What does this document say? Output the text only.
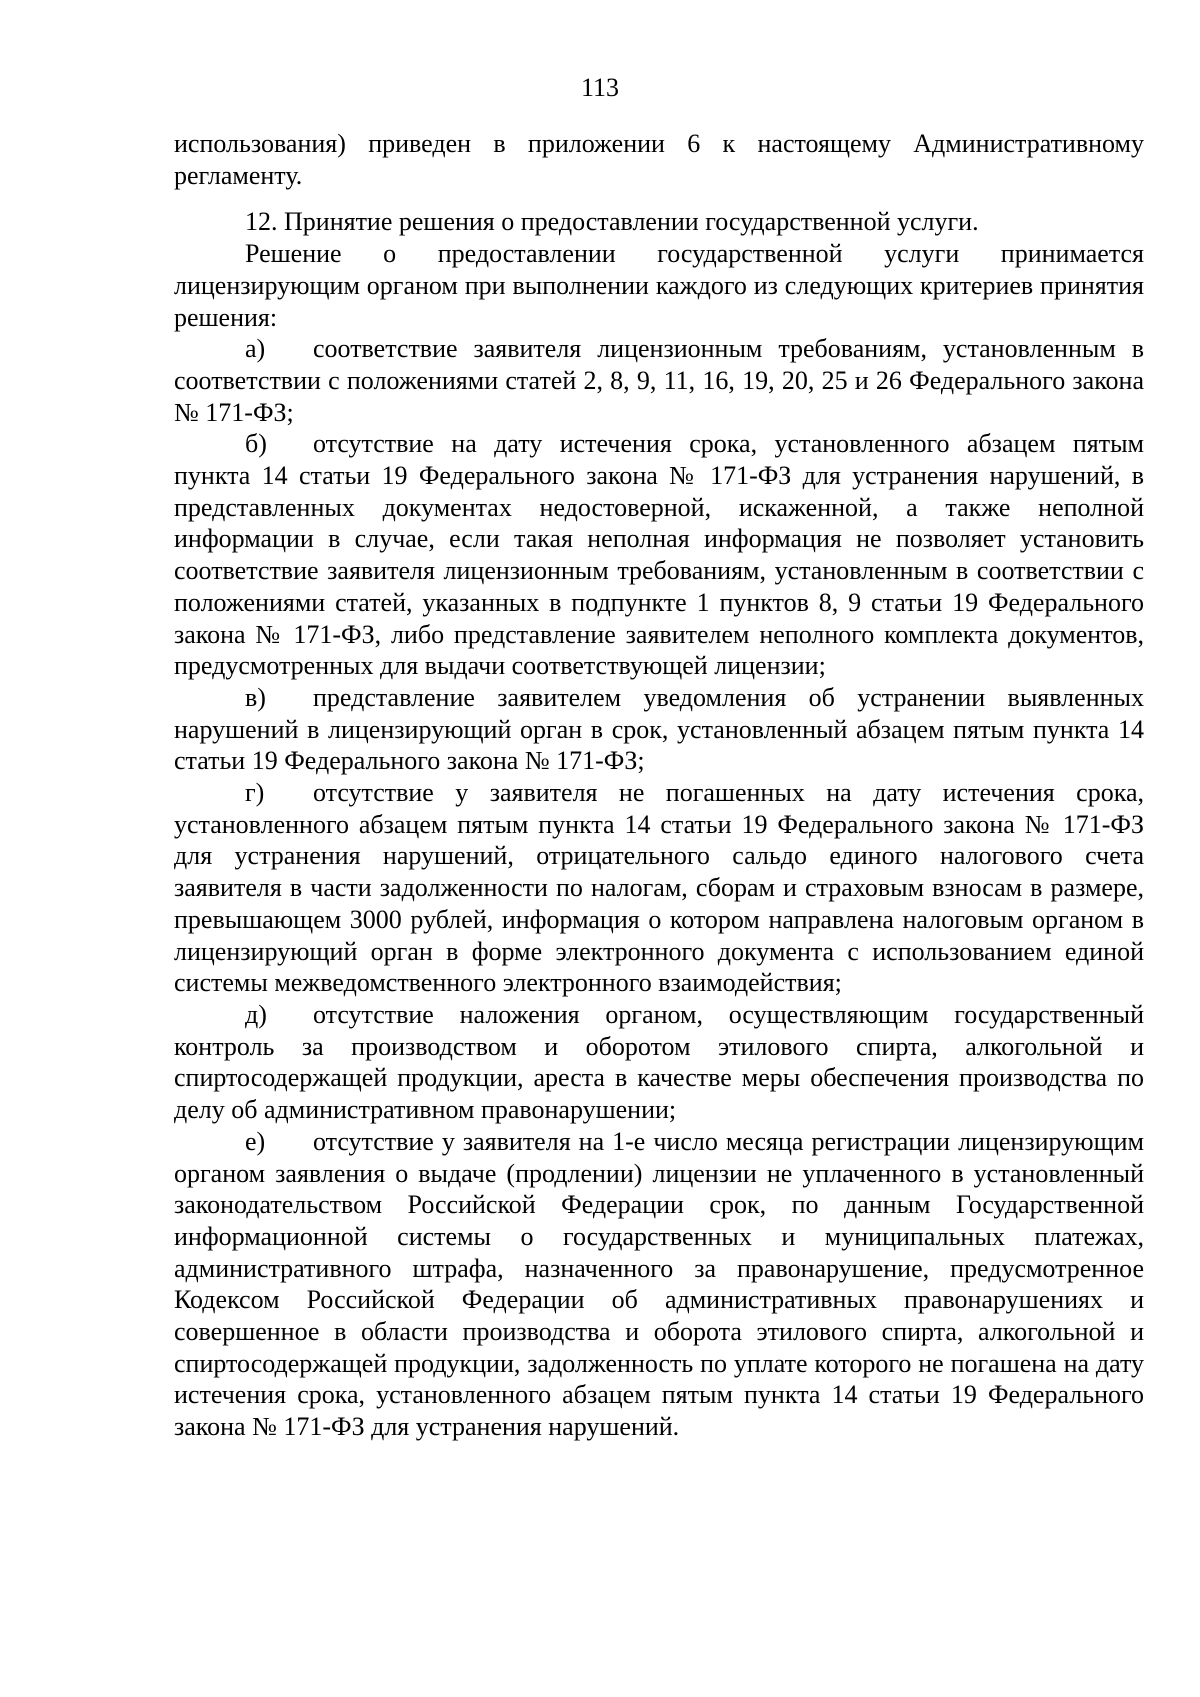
113

использования) приведен в приложении 6 к настоящему Административному регламенту.

12. Принятие решения о предоставлении государственной услуги.

Решение о предоставлении государственной услуги принимается лицензирующим органом при выполнении каждого из следующих критериев принятия решения:

а) соответствие заявителя лицензионным требованиям, установленным в соответствии с положениями статей 2, 8, 9, 11, 16, 19, 20, 25 и 26 Федерального закона № 171-ФЗ;

б) отсутствие на дату истечения срока, установленного абзацем пятым пункта 14 статьи 19 Федерального закона № 171-ФЗ для устранения нарушений, в представленных документах недостоверной, искаженной, а также неполной информации в случае, если такая неполная информация не позволяет установить соответствие заявителя лицензионным требованиям, установленным в соответствии с положениями статей, указанных в подпункте 1 пунктов 8, 9 статьи 19 Федерального закона № 171-ФЗ, либо представление заявителем неполного комплекта документов, предусмотренных для выдачи соответствующей лицензии;

в) представление заявителем уведомления об устранении выявленных нарушений в лицензирующий орган в срок, установленный абзацем пятым пункта 14 статьи 19 Федерального закона № 171-ФЗ;

г) отсутствие у заявителя не погашенных на дату истечения срока, установленного абзацем пятым пункта 14 статьи 19 Федерального закона № 171-ФЗ для устранения нарушений, отрицательного сальдо единого налогового счета заявителя в части задолженности по налогам, сборам и страховым взносам в размере, превышающем 3000 рублей, информация о котором направлена налоговым органом в лицензирующий орган в форме электронного документа с использованием единой системы межведомственного электронного взаимодействия;

д) отсутствие наложения органом, осуществляющим государственный контроль за производством и оборотом этилового спирта, алкогольной и спиртосодержащей продукции, ареста в качестве меры обеспечения производства по делу об административном правонарушении;

е) отсутствие у заявителя на 1-е число месяца регистрации лицензирующим органом заявления о выдаче (продлении) лицензии не уплаченного в установленный законодательством Российской Федерации срок, по данным Государственной информационной системы о государственных и муниципальных платежах, административного штрафа, назначенного за правонарушение, предусмотренное Кодексом Российской Федерации об административных правонарушениях и совершенное в области производства и оборота этилового спирта, алкогольной и спиртосодержащей продукции, задолженность по уплате которого не погашена на дату истечения срока, установленного абзацем пятым пункта 14 статьи 19 Федерального закона № 171-ФЗ для устранения нарушений.
